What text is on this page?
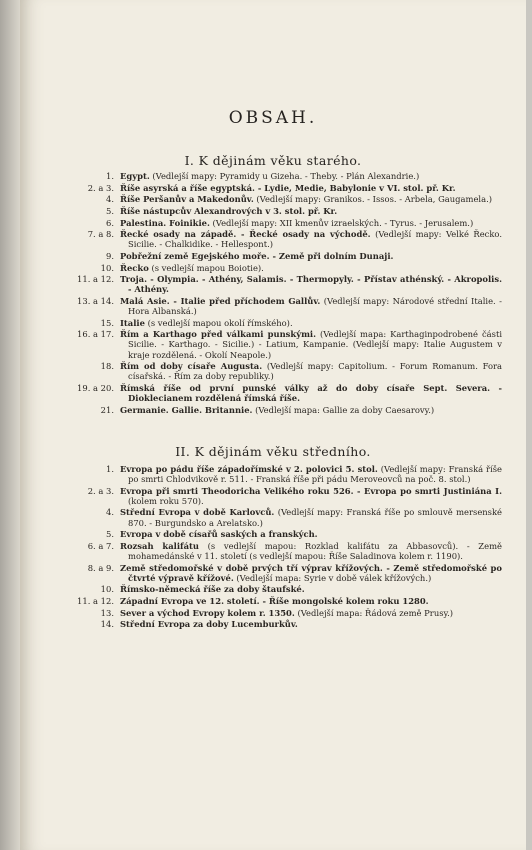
OBSAH.
I. K dějinám věku starého.
1. Egypt. (Vedlejší mapy: Pyramidy u Gizeha. - Theby. - Plán Alexandrie.)
2. a 3. Říše asyrská a říše egyptská. - Lydie, Medie, Babylonie v VI. stol. př. Kr.
4. Říše Peršanův a Makedonův. (Vedlejší mapy: Granikos. - Issos. - Arbela, Gaugamela.)
5. Říše nástupcův Alexandrových v 3. stol. př. Kr.
6. Palestina. Foinikie. (Vedlejší mapy: XII kmenův izraelských. - Tyrus. - Jerusalem.)
7. a 8. Řecké osady na západě. - Řecké osady na východě. (Vedlejší mapy: Velké Řecko. Sicilie. - Chalkidike. - Hellespont.)
9. Pobřežní země Egejského moře. - Země při dolním Dunaji.
10. Řecko (s vedlejší mapou Boiotie).
11. a 12. Troja. - Olympia. - Athény, Salamis. - Thermopyly. - Přístav athénský. - Akropolis. - Athény.
13. a 14. Malá Asie. - Italie před příchodem Gallův. (Vedlejší mapy: Národové střední Italie. - Hora Albanská.)
15. Italie (s vedlejší mapou okolí římského).
16. a 17. Řím a Karthago před válkami punskými. (Vedlejší mapa: Karthaginpodrobené části Sicilie. - Karthago. - Sicilie.) - Latium, Kampanie. (Vedlejší mapy: Italie Augustem v kraje rozdělená. - Okolí Neapole.)
18. Řím od doby císaře Augusta. (Vedlejší mapy: Capitolium. - Forum Romanum. Fora císařská. - Řím za doby republiky.)
19. a 20. Římská říše od první punské války až do doby císaře Sept. Severa. - Dioklecianem rozdělená římská říše.
21. Germanie. Gallie. Britannie. (Vedlejší mapa: Gallie za doby Caesarovy.)
II. K dějinám věku středního.
1. Evropa po pádu říše západořímské v 2. polovici 5. stol. (Vedlejší mapy: Franská říše po smrti Chlodvikově r. 511. - Franská říše při pádu Meroveovců na poč. 8. stol.)
2. a 3. Evropa při smrti Theodoricha Velikého roku 526. - Evropa po smrti Justiniána I. (kolem roku 570).
4. Střední Evropa v době Karlovců. (Vedlejší mapy: Franská říše po smlouvě mersenské 870. - Burgundsko a Arelatsko.)
5. Evropa v době císařů saských a franských.
6. a 7. Rozsah kalifátu (s vedlejší mapou: Rozklad kalifátu za Abbasovců). - Země mohamedánské v 11. století (s vedlejší mapou: Říše Saladinova kolem r. 1190).
8. a 9. Země středomořské v době prvých tří výprav křížových. - Země středomořské po čtvrté výpravě křížové. (Vedlejší mapa: Syrie v době válek křížových.)
10. Římsko-německá říše za doby štaufské.
11. a 12. Západní Evropa ve 12. století. - Říše mongolské kolem roku 1280.
13. Sever a východ Evropy kolem r. 1350. (Vedlejší mapa: Řádová země Prusy.)
14. Střední Evropa za doby Lucemburkův.
